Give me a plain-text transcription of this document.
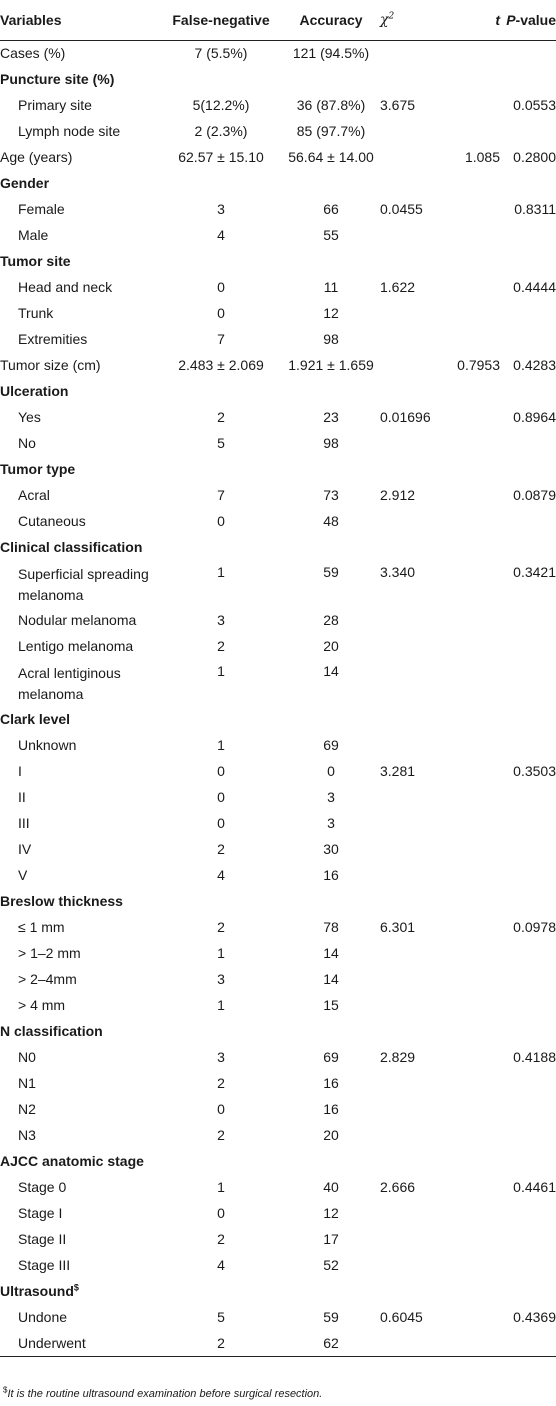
Variables	False-negative	Accuracy	$\chi^2$	t	P-value
Cases (%)	7 (5.5%)	121 (94.5%)			
Puncture site (%)					
Primary site	5(12.2%)	36 (87.8%)	3.675		0.0553
Lymph node site	2 (2.3%)	85 (97.7%)			
Age (years)	62.57 ± 15.10	56.64 ± 14.00		1.085	0.2800
Gender					
Female	3	66	0.0455		0.8311
Male	4	55			
Tumor site					
Head and neck	0	11	1.622		0.4444
Trunk	0	12			
Extremities	7	98			
Tumor size (cm)	2.483 ± 2.069	1.921 ± 1.659		0.7953	0.4283
Ulceration					
Yes	2	23	0.01696		0.8964
No	5	98			
Tumor type					
Acral	7	73	2.912		0.0879
Cutaneous	0	48			
Clinical classification					

Superficial spreading melanoma	1	59	3.340		0.3421
Nodular melanoma	3	28			
Lentigo melanoma	2	20			

Acral lentiginous melanoma	1	14			
Clark level					
Unknown	1	69			
I	0	0	3.281		0.3503
II	0	3			
III	0	3			
IV	2	30			
V	4	16			
Breslow thickness					
≤ 1 mm	2	78	6.301		0.0978
> 1–2 mm	1	14			
> 2–4mm	3	14			
> 4 mm	1	15			
N classification					
N0	3	69	2.829		0.4188
N1	2	16			
N2	0	16			
N3	2	20			
AJCC anatomic stage					
Stage 0	1	40	2.666		0.4461
Stage I	0	12			
Stage II	2	17			
Stage III	4	52			
Ultrasound$	
Undone	5	59	0.6045		0.4369
Underwent	2	62			
$It is the routine ultrasound examination before surgical resection.
